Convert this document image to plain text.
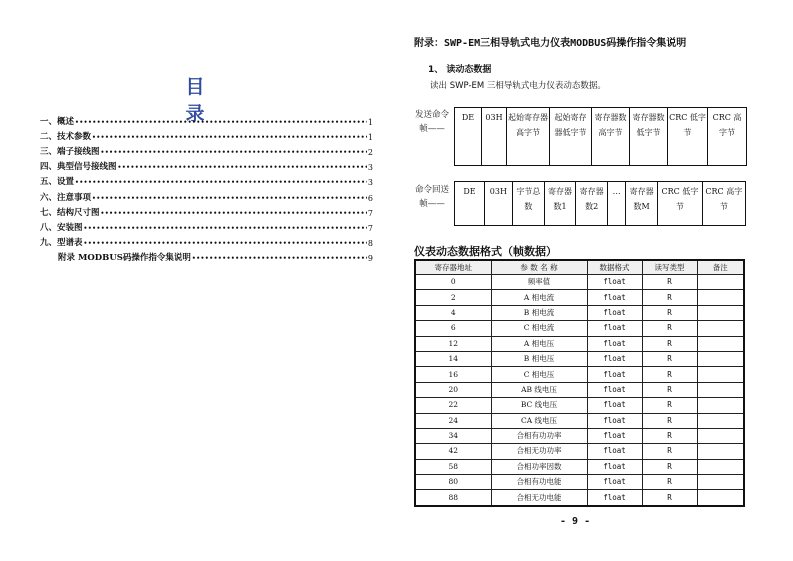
目 录
一、概述 •••••	1
二、技术参数 •••••	1
三、端子接线图 •••••	2
四、典型信号接线图 •••••	3
五、设置 •••••	3
六、注意事项 •••••	6
七、结构尺寸图 •••••	7
八、安装图 •••••	7
九、型谱表 •••••	8
附录 MODBUS码操作指令集说明 •••••	9
附录：SWP-EM三相导轨式电力仪表MODBUS码操作指令集说明
1、 读动态数据
读出 SWP-EM 三相导轨式电力仪表动态数据。
发送命令帧——
DE	03H	起始寄存器高字节	起始寄存器低字节	寄存器数高字节	寄存器数低字节	CRC 低字节	CRC 高字节
命令回送帧——
DE	03H	字节总数	寄存器数1	寄存器数2	…	寄存器数M	CRC 低字节	CRC 高字节
仪表动态数据格式（帧数据）
寄存器地址	参 数 名 称	数据格式	读写类型	备注
0	频率值	float	R	
2	A 相电流	float	R	
4	B 相电流	float	R	
6	C 相电流	float	R	
12	A 相电压	float	R	
14	B 相电压	float	R	
16	C 相电压	float	R	
20	AB 线电压	float	R	
22	BC 线电压	float	R	
24	CA 线电压	float	R	
34	合相有功功率	float	R	
42	合相无功功率	float	R	
58	合相功率因数	float	R	
80	合相有功电能	float	R	
88	合相无功电能	float	R	
- 9 -
